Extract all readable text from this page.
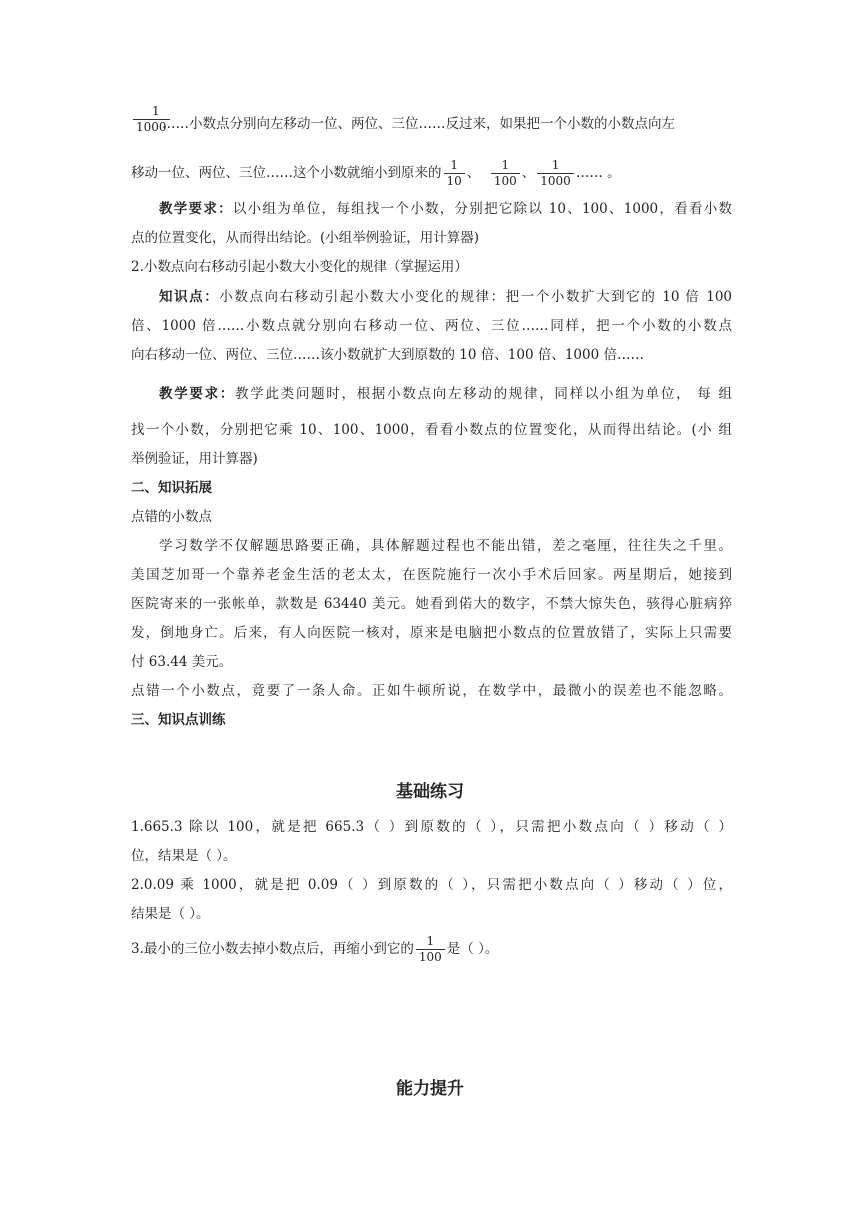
$\frac{1}{1000}$
……小数点分别向左移动一位、两位、三位……反过来，如果把一个小数的小数点向左
移动一位、两位、三位……这个小数就缩小到原来的 $\frac{1}{10}$ 、 $\frac{1}{100}$ 、 $\frac{1}{1000}$ …… 。
教学要求：以小组为单位，每组找一个小数，分别把它除以 10、100、1000，看看小数
点的位置变化，从而得出结论。(小组举例验证，用计算器)
2.小数点向右移动引起小数大小变化的规律（掌握运用）
知识点：小数点向右移动引起小数大小变化的规律：把一个小数扩大到它的 10 倍 100
倍、1000 倍……小数点就分别向右移动一位、两位、三位……同样，把一个小数的小数点
向右移动一位、两位、三位……该小数就扩大到原数的 10 倍、100 倍、1000 倍……
教学要求：教学此类问题时，根据小数点向左移动的规律，同样以小组为单位， 每 组
找一个小数，分别把它乘 10、100、1000，看看小数点的位置变化，从而得出结论。(小 组
举例验证，用计算器)
二、知识拓展
点错的小数点
学习数学不仅解题思路要正确，具体解题过程也不能出错，差之毫厘，往往失之千里。
美国芝加哥一个靠养老金生活的老太太，在医院施行一次小手术后回家。两星期后，她接到
医院寄来的一张帐单，款数是 63440 美元。她看到偌大的数字，不禁大惊失色，骇得心脏病猝
发，倒地身亡。后来，有人向医院一核对，原来是电脑把小数点的位置放错了，实际上只需要
付 63.44 美元。
点错一个小数点，竟要了一条人命。正如牛顿所说，在数学中，最微小的误差也不能忽略。
三、知识点训练
基础练习
1.665.3 除以 100，就是把 665.3（ ）到原数的（ ），只需把小数点向（ ）移动（ ）
位，结果是（ ）。
2.0.09 乘 1000，就是把 0.09（ ）到原数的（ ），只需把小数点向（ ）移动（ ）位，
结果是（ ）。
3.最小的三位小数去掉小数点后，再缩小到它的 $\frac{1}{100}$ 是（ ）。
能力提升
